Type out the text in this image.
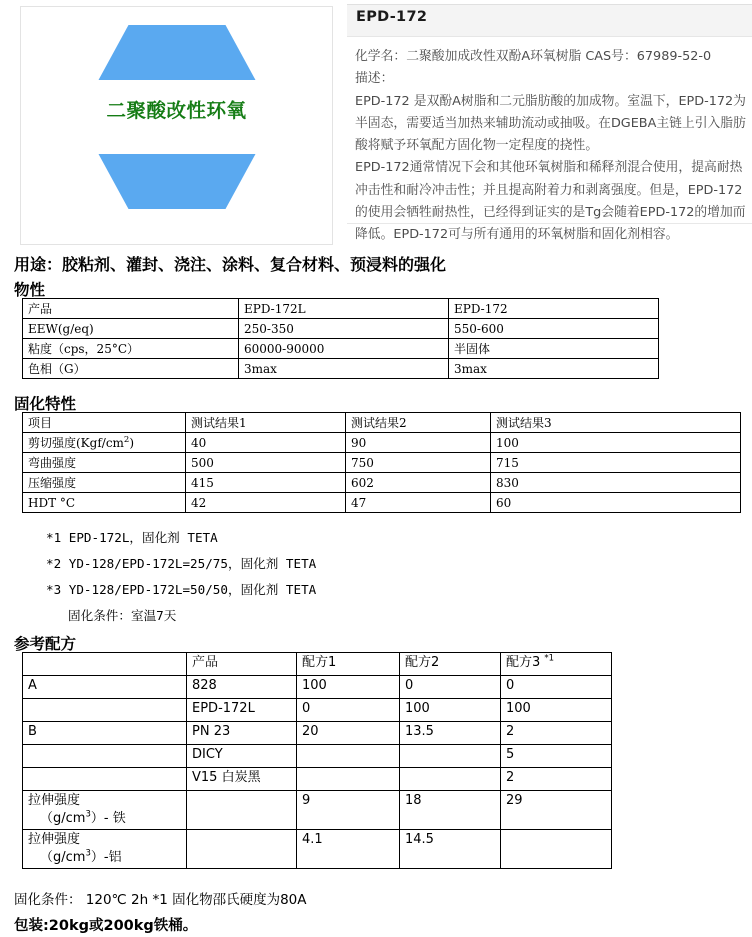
二聚酸改性环氧
EPD-172

化学名：二聚酸加成改性双酚A环氧树脂 CAS号：67989-52-0

描述：

EPD-172 是双酚A树脂和二元脂肪酸的加成物。室温下，EPD-172为半固态，需要适当加热来辅助流动或抽吸。在DGEBA主链上引入脂肪酸将赋予环氧配方固化物一定程度的挠性。

EPD-172通常情况下会和其他环氧树脂和稀释剂混合使用，提高耐热冲击性和耐冷冲击性；并且提高附着力和剥离强度。但是，EPD-172的使用会牺牲耐热性，已经得到证实的是Tg会随着EPD-172的增加而降低。EPD-172可与所有通用的环氧树脂和固化剂相容。

用途：胶粘剂、灌封、浇注、涂料、复合材料、预浸料的强化
物性
产品	EPD-172L	EPD-172
EEW(g/eq)	250-350	550-600
粘度（cps，25°C）	60000-90000	半固体
色相（G）	3max	3max
固化特性
项目	测试结果1	测试结果2	测试结果3
剪切强度$(Kgf/cm^2)$	40	90	100
弯曲强度	500	750	715
压缩强度	415	602	830
HDT °C	42	47	60
*1 EPD-172L，固化剂 TETA
*2 YD-128/EPD-172L=25/75，固化剂 TETA
*3 YD-128/EPD-172L=50/50，固化剂 TETA
固化条件：室温7天
参考配方
	产品	配方1	配方2	配方3 $^{*1}$
A	828	100	0	0
	EPD-172L	0	100	100
B	PN 23	20	13.5	2
	DICY			5
	V15 白炭黑			2

拉伸强度
$(g/cm^3)-$ 铁		9	18	29

拉伸强度
$(g/cm^3)-$铝		4.1	14.5	
固化条件： 120℃ 2h *1 固化物邵氏硬度为80A
包装:20kg或200kg铁桶。
